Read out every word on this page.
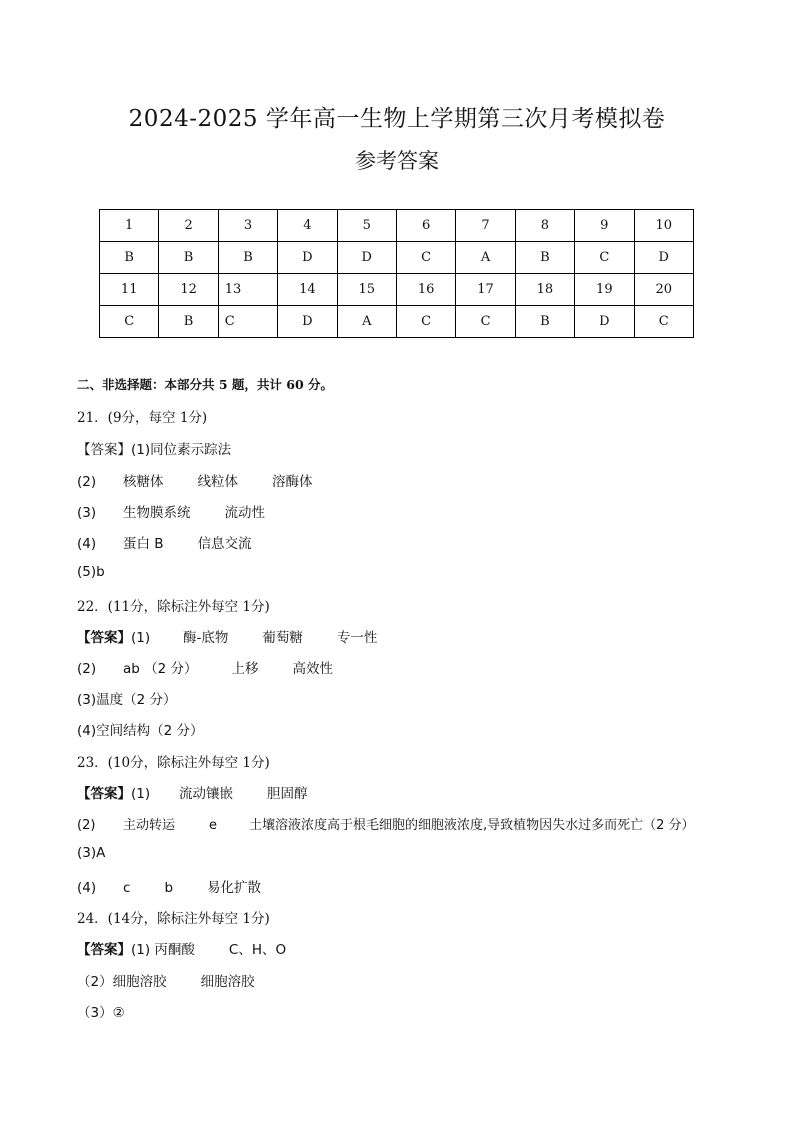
2024-2025 学年高一生物上学期第三次月考模拟卷
参考答案
1	2	3	4	5	6	7	8	9	10
B	B	B	D	D	C	A	B	C	D
11	12	13	14	15	16	17	18	19	20
C	B	C	D	A	C	C	B	D	C
二、非选择题：本部分共 5 题，共计 60 分。
21．(9分，每空 1分)
【答案】(1)同位素示踪法
(2) 核糖体	线粒体	溶酶体
(3) 生物膜系统	流动性
(4) 蛋白 B	信息交流
(5)b
22．(11分，除标注外每空 1分)
【答案】(1) 酶-底物	葡萄糖	专一性
(2) ab （2 分）	上移	高效性
(3)温度（2 分）
(4)空间结构（2 分）
23．(10分，除标注外每空 1分)
【答案】(1) 流动镶嵌	胆固醇
(2) 主动转运	e 土壤溶液浓度高于根毛细胞的细胞液浓度,导致植物因失水过多而死亡（2 分）
(3)A
(4) c	b	易化扩散
24．(14分，除标注外每空 1分)
【答案】(1) 丙酮酸	C、H、O
（2）细胞溶胶	细胞溶胶
（3）②
